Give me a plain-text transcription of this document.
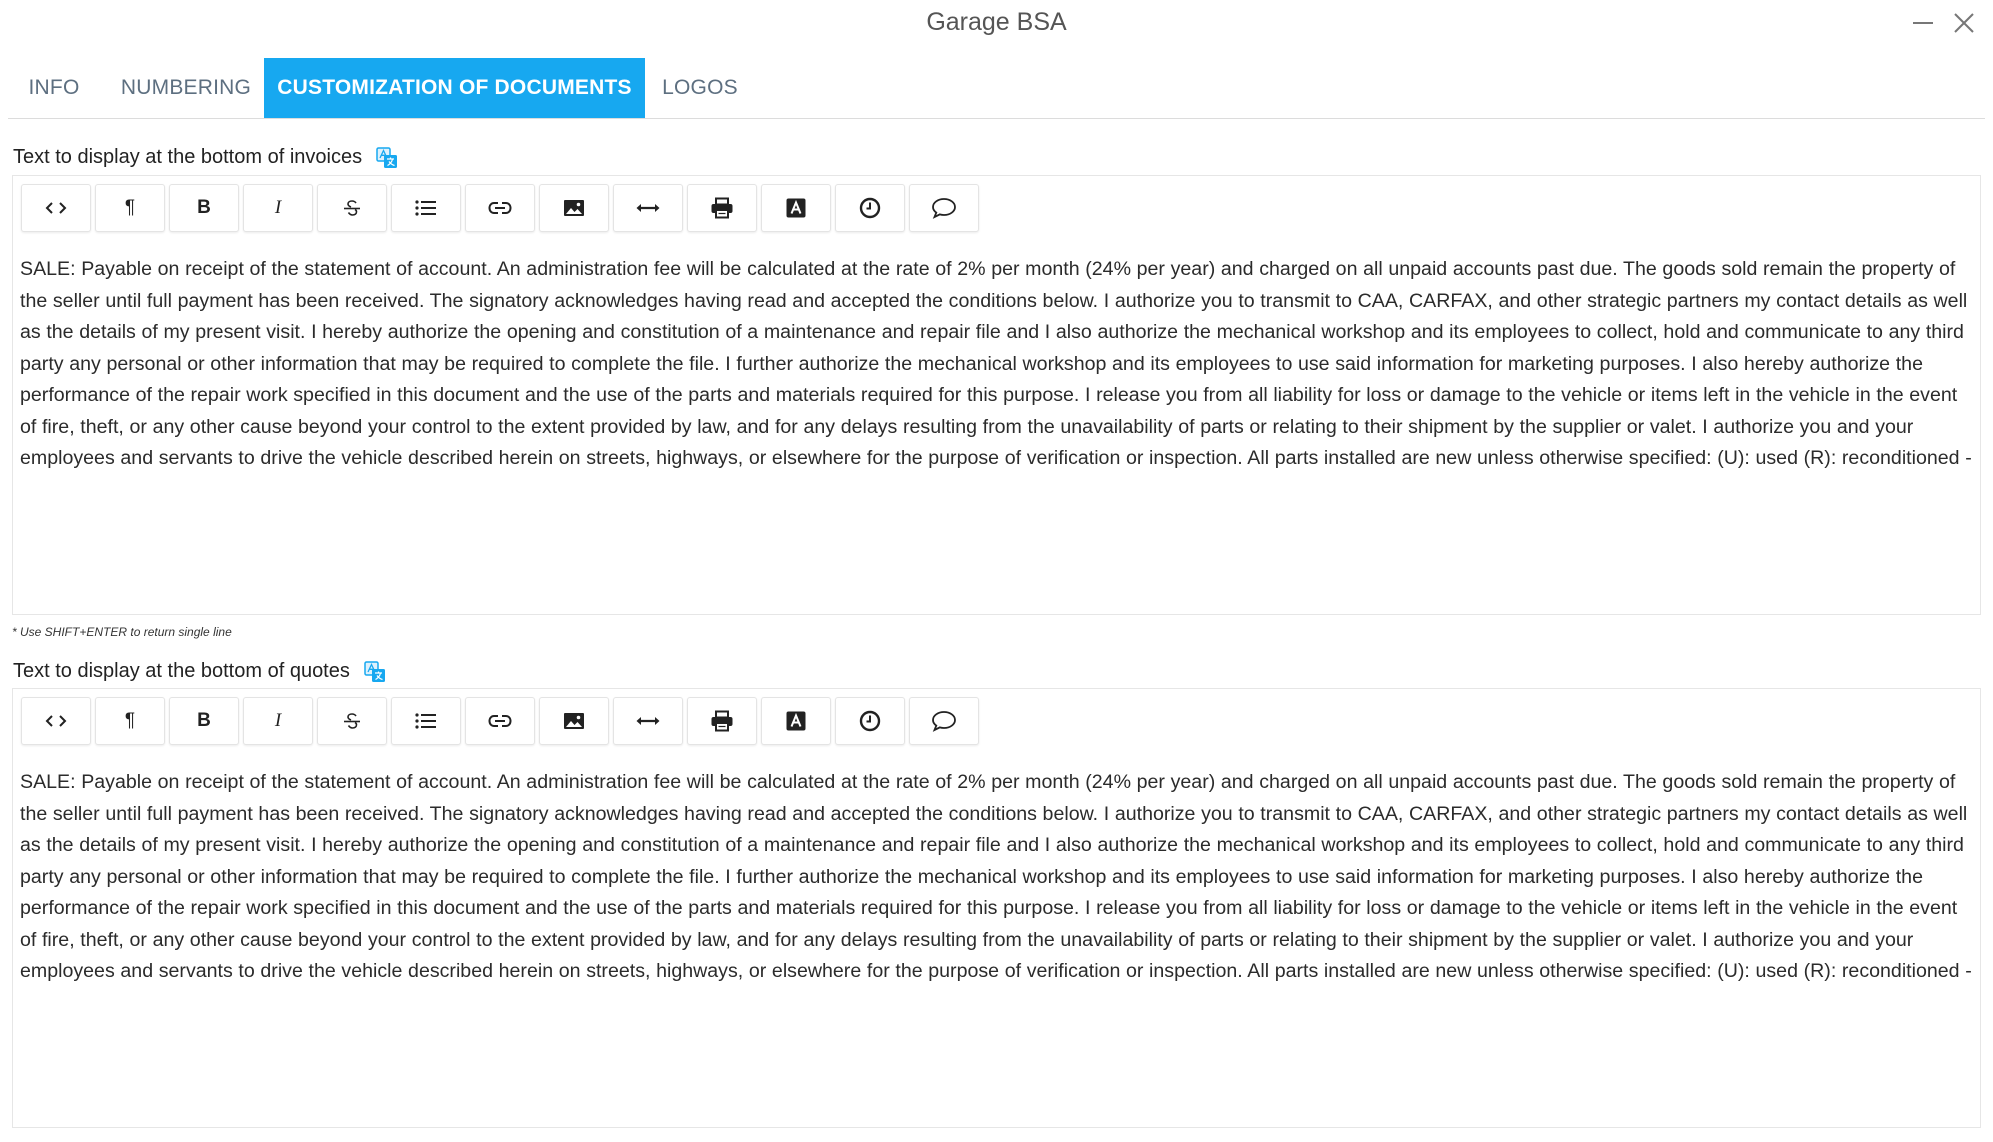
Garage BSA
INFO	NUMBERING	CUSTOMIZATION OF DOCUMENTS	LOGOS
Text to display at the bottom of invoices
¶	B	I
SALE: Payable on receipt of the statement of account. An administration fee will be calculated at the rate of 2% per month (24% per year) and charged on all unpaid accounts past due. The goods sold remain the property of the seller until full payment has been received. The signatory acknowledges having read and accepted the conditions below. I authorize you to transmit to CAA, CARFAX, and other strategic partners my contact details as well as the details of my present visit. I hereby authorize the opening and constitution of a maintenance and repair file and I also authorize the mechanical workshop and its employees to collect, hold and communicate to any third party any personal or other information that may be required to complete the file. I further authorize the mechanical workshop and its employees to use said information for marketing purposes. I also hereby authorize the performance of the repair work specified in this document and the use of the parts and materials required for this purpose. I release you from all liability for loss or damage to the vehicle or items left in the vehicle in the event of fire, theft, or any other cause beyond your control to the extent provided by law, and for any delays resulting from the unavailability of parts or relating to their shipment by the supplier or valet. I authorize you and your employees and servants to drive the vehicle described herein on streets, highways, or elsewhere for the purpose of verification or inspection. All parts installed are new unless otherwise specified: (U): used (R): reconditioned -
* Use SHIFT+ENTER to return single line
Text to display at the bottom of quotes
¶	B	I
SALE: Payable on receipt of the statement of account. An administration fee will be calculated at the rate of 2% per month (24% per year) and charged on all unpaid accounts past due. The goods sold remain the property of the seller until full payment has been received. The signatory acknowledges having read and accepted the conditions below. I authorize you to transmit to CAA, CARFAX, and other strategic partners my contact details as well as the details of my present visit. I hereby authorize the opening and constitution of a maintenance and repair file and I also authorize the mechanical workshop and its employees to collect, hold and communicate to any third party any personal or other information that may be required to complete the file. I further authorize the mechanical workshop and its employees to use said information for marketing purposes. I also hereby authorize the performance of the repair work specified in this document and the use of the parts and materials required for this purpose. I release you from all liability for loss or damage to the vehicle or items left in the vehicle in the event of fire, theft, or any other cause beyond your control to the extent provided by law, and for any delays resulting from the unavailability of parts or relating to their shipment by the supplier or valet. I authorize you and your employees and servants to drive the vehicle described herein on streets, highways, or elsewhere for the purpose of verification or inspection. All parts installed are new unless otherwise specified: (U): used (R): reconditioned -
